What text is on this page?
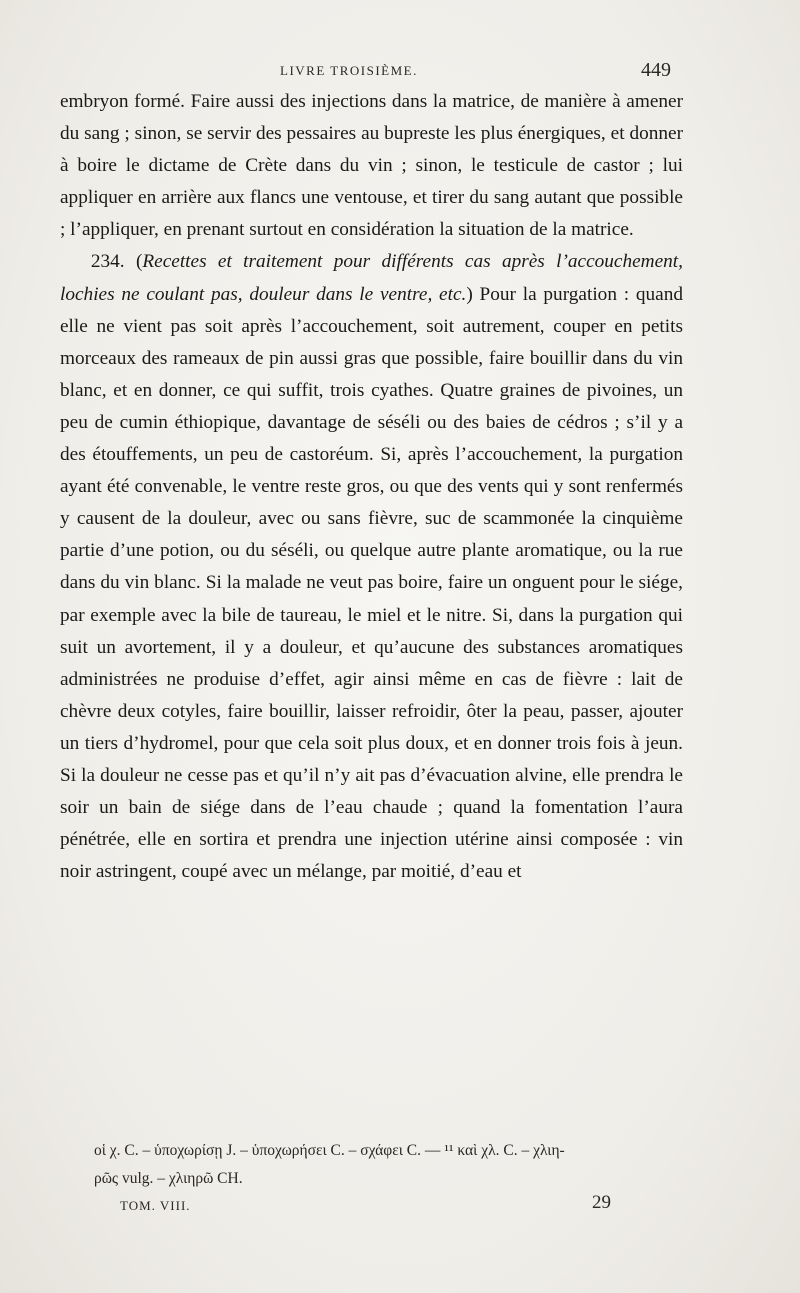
LIVRE TROISIÈME.	449

embryon formé. Faire aussi des injections dans la matrice, de manière à amener du sang ; sinon, se servir des pessaires au bupreste les plus énergiques, et donner à boire le dictame de Crète dans du vin ; sinon, le testicule de castor ; lui appliquer en arrière aux flancs une ventouse, et tirer du sang autant que possible ; l’appliquer, en prenant surtout en considération la situation de la matrice.

234. (Recettes et traitement pour différents cas après l’accouchement, lochies ne coulant pas, douleur dans le ventre, etc.) Pour la purgation : quand elle ne vient pas soit après l’accouchement, soit autrement, couper en petits morceaux des rameaux de pin aussi gras que possible, faire bouillir dans du vin blanc, et en donner, ce qui suffit, trois cyathes. Quatre graines de pivoines, un peu de cumin éthiopique, davantage de séséli ou des baies de cédros ; s’il y a des étouffements, un peu de castoréum. Si, après l’accouchement, la purgation ayant été convenable, le ventre reste gros, ou que des vents qui y sont renfermés y causent de la douleur, avec ou sans fièvre, suc de scammonée la cinquième partie d’une potion, ou du séséli, ou quelque autre plante aromatique, ou la rue dans du vin blanc. Si la malade ne veut pas boire, faire un onguent pour le siége, par exemple avec la bile de taureau, le miel et le nitre. Si, dans la purgation qui suit un avortement, il y a douleur, et qu’aucune des substances aromatiques administrées ne produise d’effet, agir ainsi même en cas de fièvre : lait de chèvre deux cotyles, faire bouillir, laisser refroidir, ôter la peau, passer, ajouter un tiers d’hydromel, pour que cela soit plus doux, et en donner trois fois à jeun. Si la douleur ne cesse pas et qu’il n’y ait pas d’évacuation alvine, elle prendra le soir un bain de siége dans de l’eau chaude ; quand la fomentation l’aura pénétrée, elle en sortira et prendra une injection utérine ainsi composée : vin noir astringent, coupé avec un mélange, par moitié, d’eau et

οἱ χ. C. – ὑποχωρίσῃ J. – ὑποχωρήσει C. – σχάφει C. — ¹¹ καὶ χλ. C. – χλιη-

ρῶς vulg. – χλιηρῶ CH.

TOM. VIII.	29
